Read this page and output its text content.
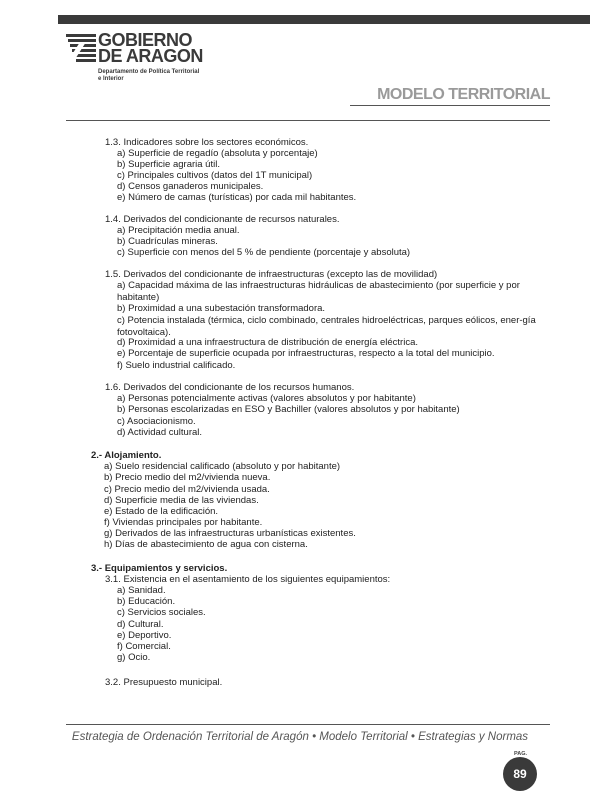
GOBIERNO
DE ARAGON
Departamento de Política Territorial
e Interior
MODELO TERRITORIAL
1.3. Indicadores sobre los sectores económicos.
a) Superficie de regadío (absoluta y porcentaje)
b) Superficie agraria útil.
c) Principales cultivos (datos del 1T municipal)
d) Censos ganaderos municipales.
e) Número de camas (turísticas) por cada mil habitantes.
1.4. Derivados del condicionante de recursos naturales.
a) Precipitación media anual.
b) Cuadrículas mineras.
c) Superficie con menos del 5 % de pendiente (porcentaje y absoluta)
1.5. Derivados del condicionante de infraestructuras (excepto las de movilidad)
a) Capacidad máxima de las infraestructuras hidráulicas de abastecimiento (por superficie y por habitante)
b) Proximidad a una subestación transformadora.
c) Potencia instalada (térmica, ciclo combinado, centrales hidroeléctricas, parques eólicos, ener-gía fotovoltaica).
d) Proximidad a una infraestructura de distribución de energía eléctrica.
e) Porcentaje de superficie ocupada por infraestructuras, respecto a la total del municipio.
f) Suelo industrial calificado.
1.6. Derivados del condicionante de los recursos humanos.
a) Personas potencialmente activas (valores absolutos y por habitante)
b) Personas escolarizadas en ESO y Bachiller (valores absolutos y por habitante)
c) Asociacionismo.
d) Actividad cultural.
2.- Alojamiento.
a) Suelo residencial calificado (absoluto y por habitante)
b) Precio medio del m2/vivienda nueva.
c) Precio medio del m2/vivienda usada.
d) Superficie media de las viviendas.
e) Estado de la edificación.
f) Viviendas principales por habitante.
g) Derivados de las infraestructuras urbanísticas existentes.
h) Días de abastecimiento de agua con cisterna.
3.- Equipamientos y servicios.
3.1. Existencia en el asentamiento de los siguientes equipamientos:
a) Sanidad.
b) Educación.
c) Servicios sociales.
d) Cultural.
e) Deportivo.
f) Comercial.
g) Ocio.
3.2. Presupuesto municipal.
Estrategia de Ordenación Territorial de Aragón • Modelo Territorial • Estrategias y Normas
PAG.
89
